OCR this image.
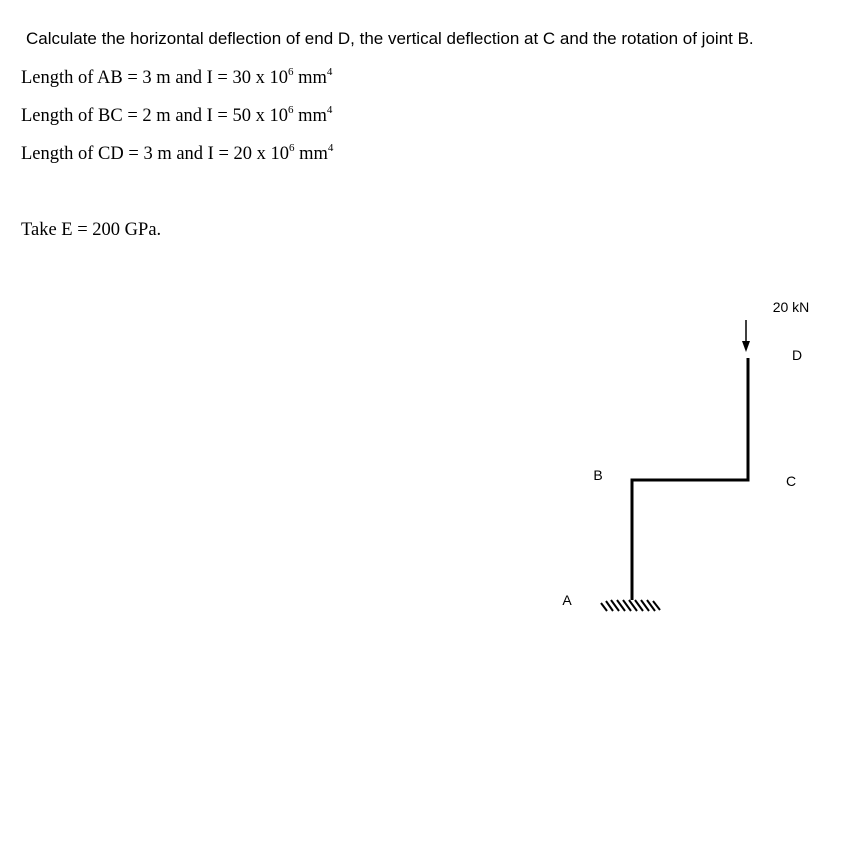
Calculate the horizontal deflection of end D, the vertical deflection at C and the rotation of joint B.
Length of AB = 3 m and I = 30 x $10^6$ $mm^4$
Length of BC = 2 m and I = 50 x $10^6$ $mm^4$
Length of CD = 3 m and I = 20 x $10^6$ $mm^4$
Take E = 200 GPa.
20 kN
D
C
B
A
